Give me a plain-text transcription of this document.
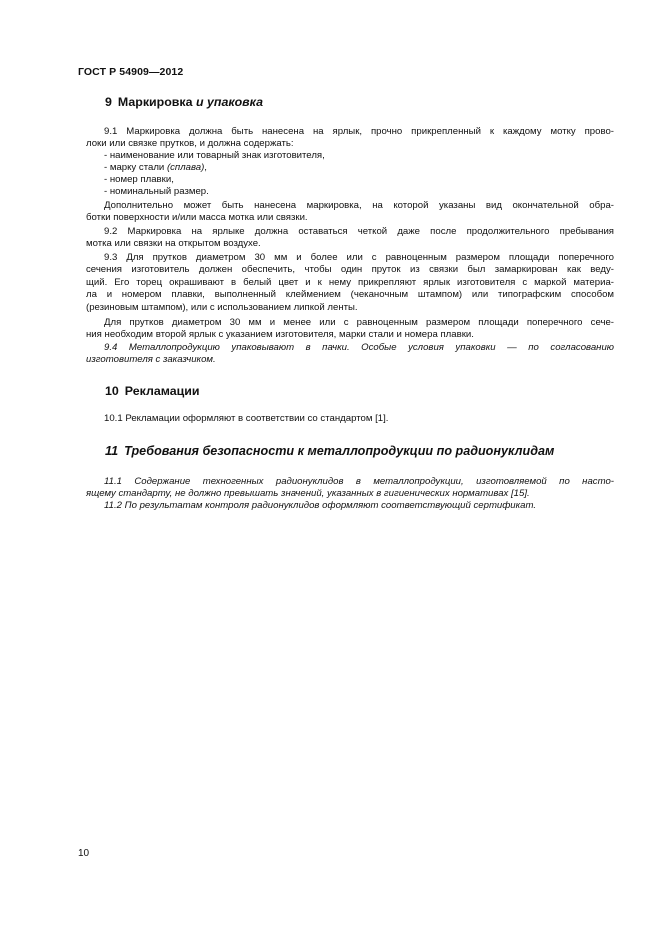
ГОСТ Р 54909—2012
9 Маркировка и упаковка
9.1 Маркировка должна быть нанесена на ярлык, прочно прикрепленный к каждому мотку прово-
локи или связке прутков, и должна содержать:
- наименование или товарный знак изготовителя,
- марку стали (сплава),
- номер плавки,
- номинальный размер.
Дополнительно может быть нанесена маркировка, на которой указаны вид окончательной обра-
ботки поверхности и/или масса мотка или связки.
9.2 Маркировка на ярлыке должна оставаться четкой даже после продолжительного пребывания
мотка или связки на открытом воздухе.
9.3 Для прутков диаметром 30 мм и более или с равноценным размером площади поперечного
сечения изготовитель должен обеспечить, чтобы один пруток из связки был замаркирован как веду-
щий. Его торец окрашивают в белый цвет и к нему прикрепляют ярлык изготовителя с маркой материа-
ла и номером плавки, выполненный клеймением (чеканочным штампом) или типографским способом
(резиновым штампом), или с использованием липкой ленты.
Для прутков диаметром 30 мм и менее или с равноценным размером площади поперечного сече-
ния необходим второй ярлык с указанием изготовителя, марки стали и номера плавки.
9.4 Металлопродукцию упаковывают в пачки. Особые условия упаковки — по согласованию
изготовителя с заказчиком.
10 Рекламации
10.1 Рекламации оформляют в соответствии со стандартом [1].
11 Требования безопасности к металлопродукции по радионуклидам
11.1 Содержание техногенных радионуклидов в металлопродукции, изготовляемой по насто-
ящему стандарту, не должно превышать значений, указанных в гигиенических нормативах [15].
11.2 По результатам контроля радионуклидов оформляют соответствующий сертификат.
10
